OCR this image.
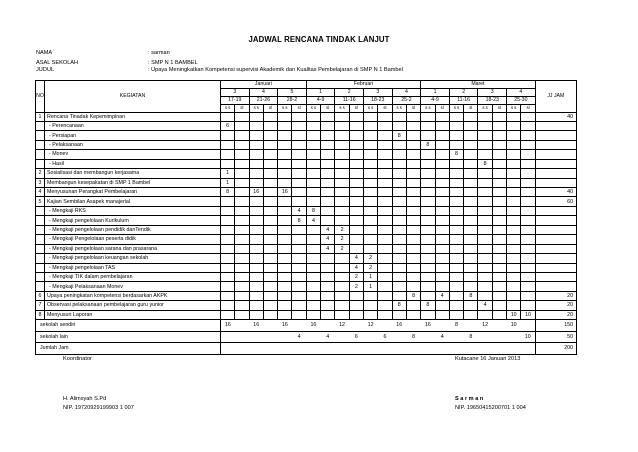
JADWAL RENCANA TINDAK LANJUT
NAMA	: sarman
ASAL SEKOLAH	: SMP N 1 BAMBEL
JUDUL	: Upaya Meningkatkan Kompetensi supervisi Akademik dan Kualitas Pembelajaran di SMP N 1 Bambel
NO	KEGIATAN	Januari						Februari								Maret								JJ JAM
		3		4		5		1		2		3		4		1		2		3		4		
		17-19		21-26		28-2		4-9		11-16		18-23		25-2		4-9		11-16		18-23		25-30		
		s s	sl	s s	sl	s s	sl	s s	sl	s s	sl	s s	sl	s s	sl	s s	sl	s s	sl	s s	sl	s s	sl	
1	Rencana Tinadak Kepemimpinan																							40
	- Perencanaan	6																						
	- Persiapan													8										
	- Pelaksanaan															8								
	- Monev																	8						
	- Hasil																			8				
2	Sosialisasi dan membangun kerjasama	1																						
3	Membangun kesepakatan di SMP 1 Bambel	1																						
4	Menyusunan Perangkat Pembelajaran	8		16		16																		40
5	Kajian Sembilan Asapek manajerial																							60
	- Mengkaji RKS						4	8																
	- Mengkaji pengelolaan Kurikulum						8	4																
	- Mengkaji pengelolaan pendidik danTendik								4	2														
	- Mengkaji Pengelolaan peserta didik								4	2														
	- Mengkaji pengelolaan sarana dan prasarana								4	2														
	- Mengkaji pengelolaan keuangan sekolah										4	2												
	- Mengkaji pengelolaan TAS										4	2												
	- Mengkaji TIK dalam pembelajaran										2	1												
	- Mengkaji Pelaksanaan Monev										2	1												
6	Upaya peningkatan kompetensi berdasarkan AKPK														8		4		8					20
7	Observasi pelaksanaan pembelajaran guru yunior													8		8				4				20
8	Menyusun Laporan																					10	10	20
sekolah sendiri		16		16		16		16		12		12		16		16		8		12		10		150
sekolah lain							4		4		6		6		8		4		8				10	50
Jumlah Jam																								200
Koordinator	Kutacane 16 Januari 2013
H. Alimsyah S.Pd
NIP. 19720929199903 1 007
S a r m a n
NIP. 19650415200701 1 004
